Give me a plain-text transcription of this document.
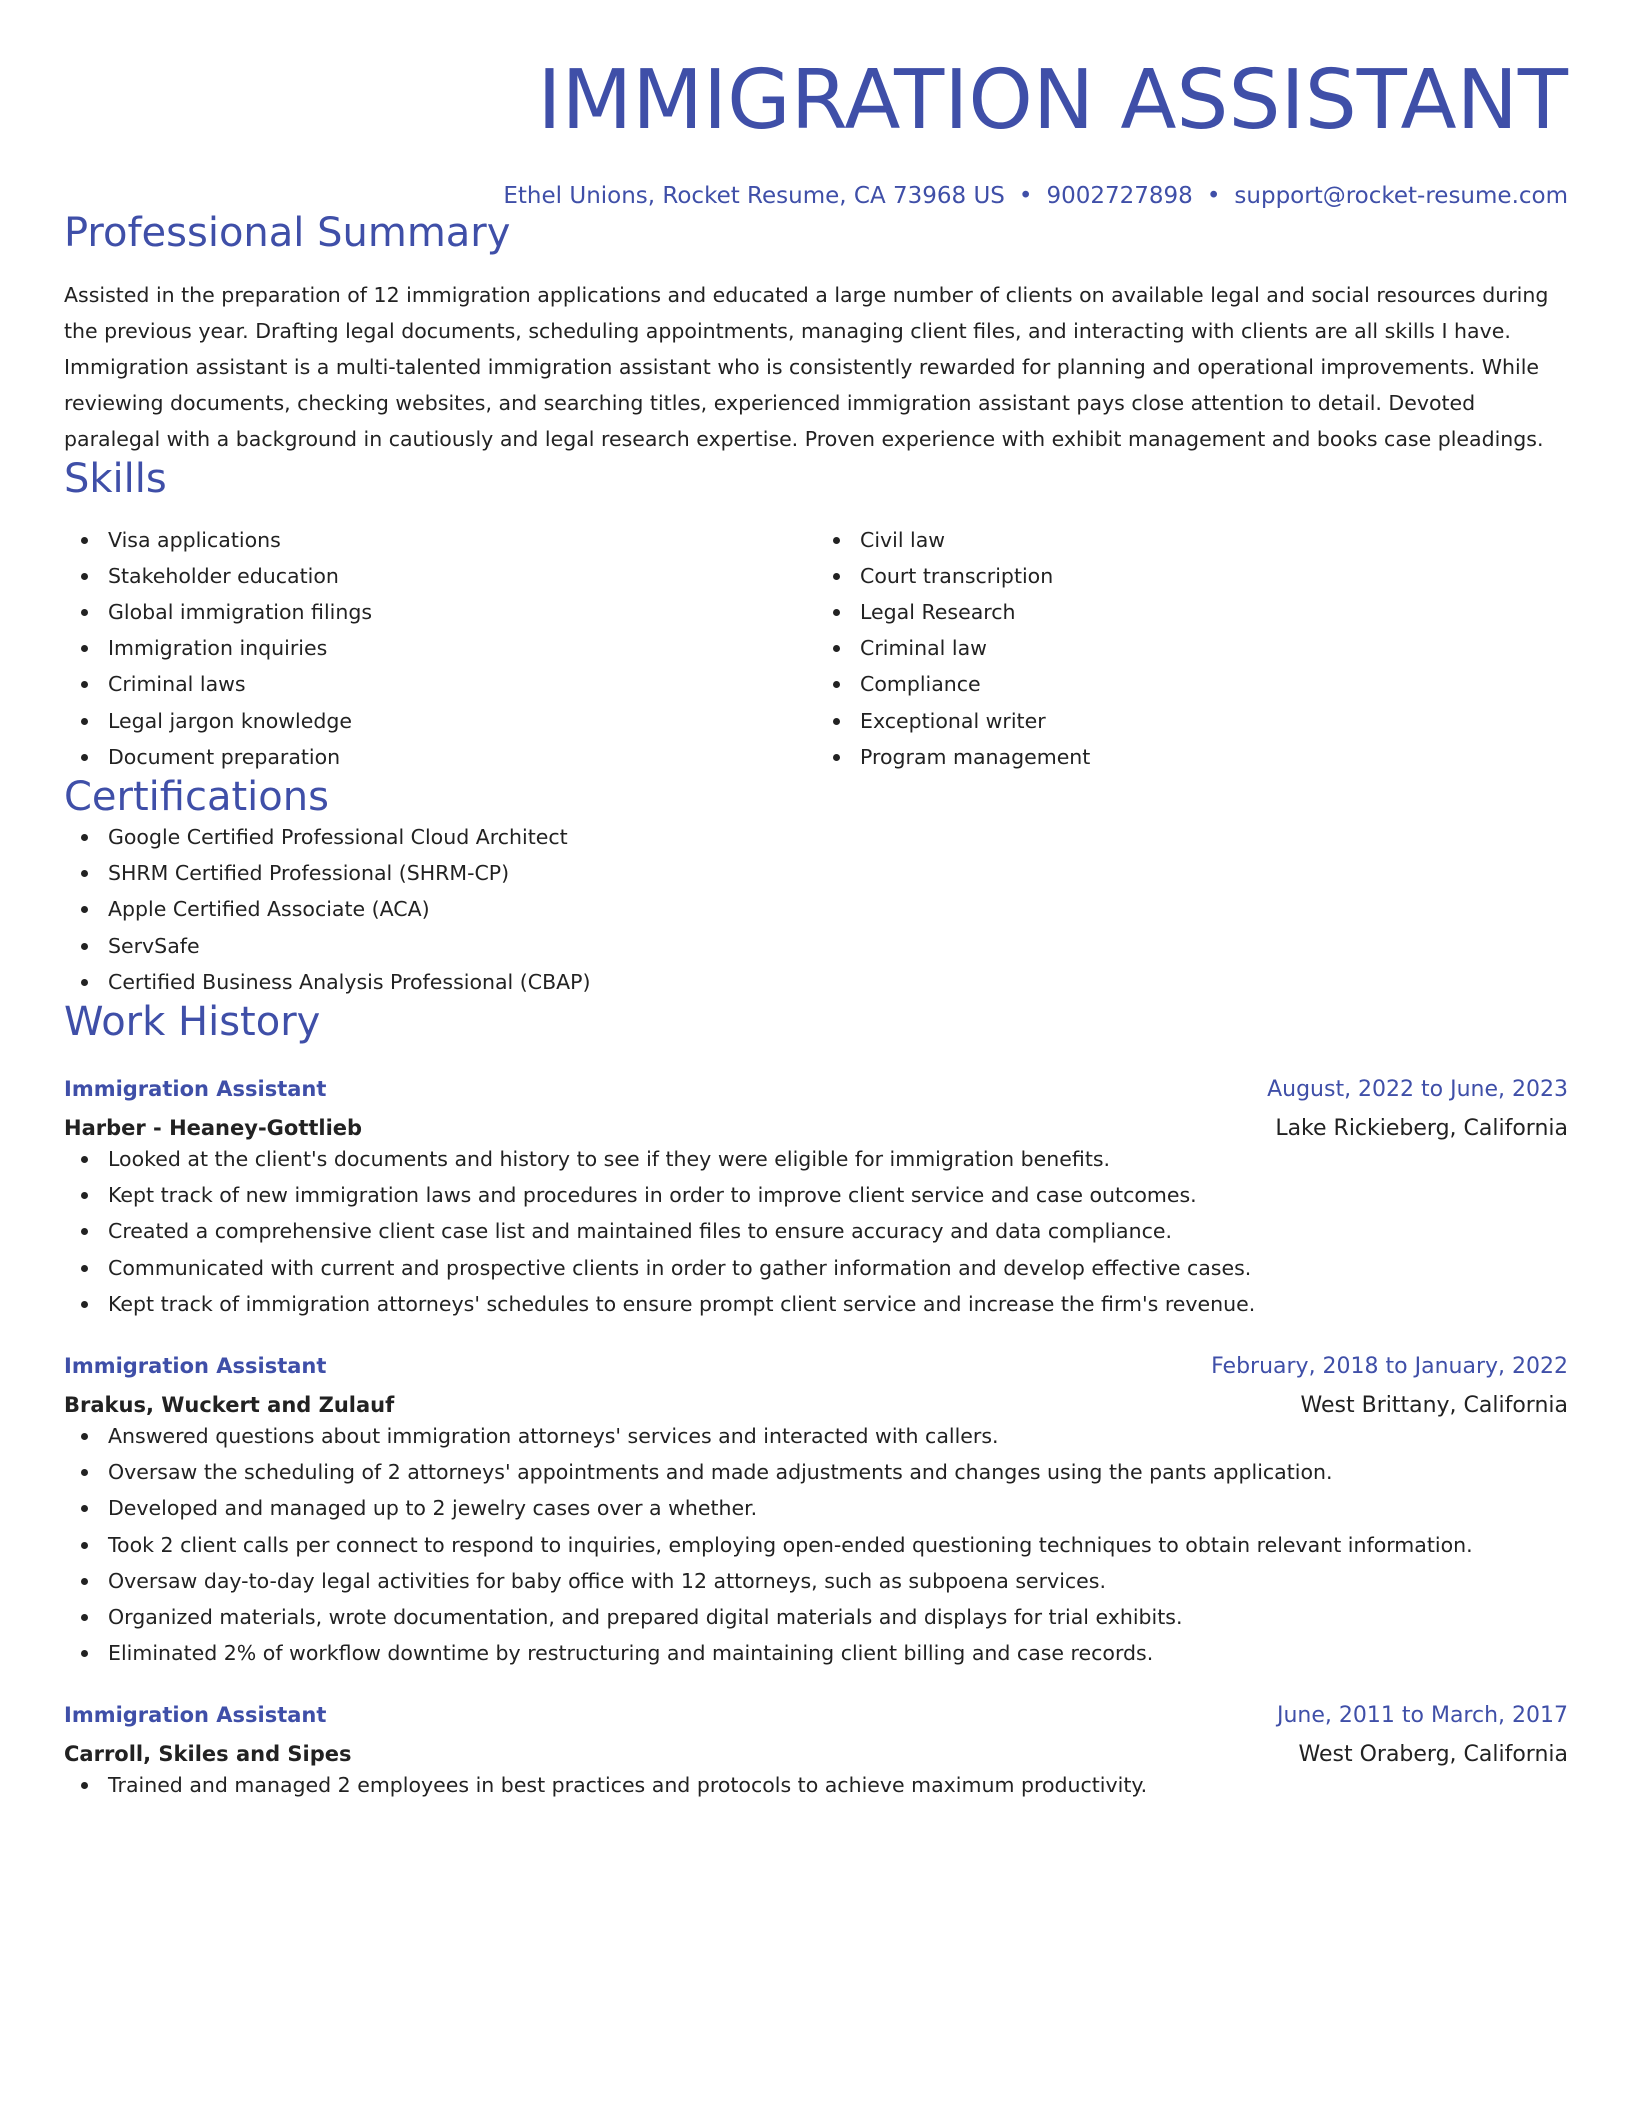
IMMIGRATION ASSISTANT
Ethel Unions, Rocket Resume, CA 73968 US • 9002727898 • support@rocket-resume.com
Professional Summary
Assisted in the preparation of 12 immigration applications and educated a large number of clients on available legal and social resources during the previous year. Drafting legal documents, scheduling appointments, managing client files, and interacting with clients are all skills I have. Immigration assistant is a multi-talented immigration assistant who is consistently rewarded for planning and operational improvements. While reviewing documents, checking websites, and searching titles, experienced immigration assistant pays close attention to detail. Devoted paralegal with a background in cautiously and legal research expertise. Proven experience with exhibit management and books case pleadings.
Skills
Visa applications
Stakeholder education
Global immigration filings
Immigration inquiries
Criminal laws
Legal jargon knowledge
Document preparation
Civil law
Court transcription
Legal Research
Criminal law
Compliance
Exceptional writer
Program management
Certifications
Google Certified Professional Cloud Architect
SHRM Certified Professional (SHRM-CP)
Apple Certified Associate (ACA)
ServSafe
Certified Business Analysis Professional (CBAP)
Work History
Immigration Assistant	August, 2022 to June, 2023
Harber - Heaney-Gottlieb	Lake Rickieberg, California
Looked at the client's documents and history to see if they were eligible for immigration benefits.
Kept track of new immigration laws and procedures in order to improve client service and case outcomes.
Created a comprehensive client case list and maintained files to ensure accuracy and data compliance.
Communicated with current and prospective clients in order to gather information and develop effective cases.
Kept track of immigration attorneys' schedules to ensure prompt client service and increase the firm's revenue.
Immigration Assistant	February, 2018 to January, 2022
Brakus, Wuckert and Zulauf	West Brittany, California
Answered questions about immigration attorneys' services and interacted with callers.
Oversaw the scheduling of 2 attorneys' appointments and made adjustments and changes using the pants application.
Developed and managed up to 2 jewelry cases over a whether.
Took 2 client calls per connect to respond to inquiries, employing open-ended questioning techniques to obtain relevant information.
Oversaw day-to-day legal activities for baby office with 12 attorneys, such as subpoena services.
Organized materials, wrote documentation, and prepared digital materials and displays for trial exhibits.
Eliminated 2% of workflow downtime by restructuring and maintaining client billing and case records.
Immigration Assistant	June, 2011 to March, 2017
Carroll, Skiles and Sipes	West Oraberg, California
Trained and managed 2 employees in best practices and protocols to achieve maximum productivity.
